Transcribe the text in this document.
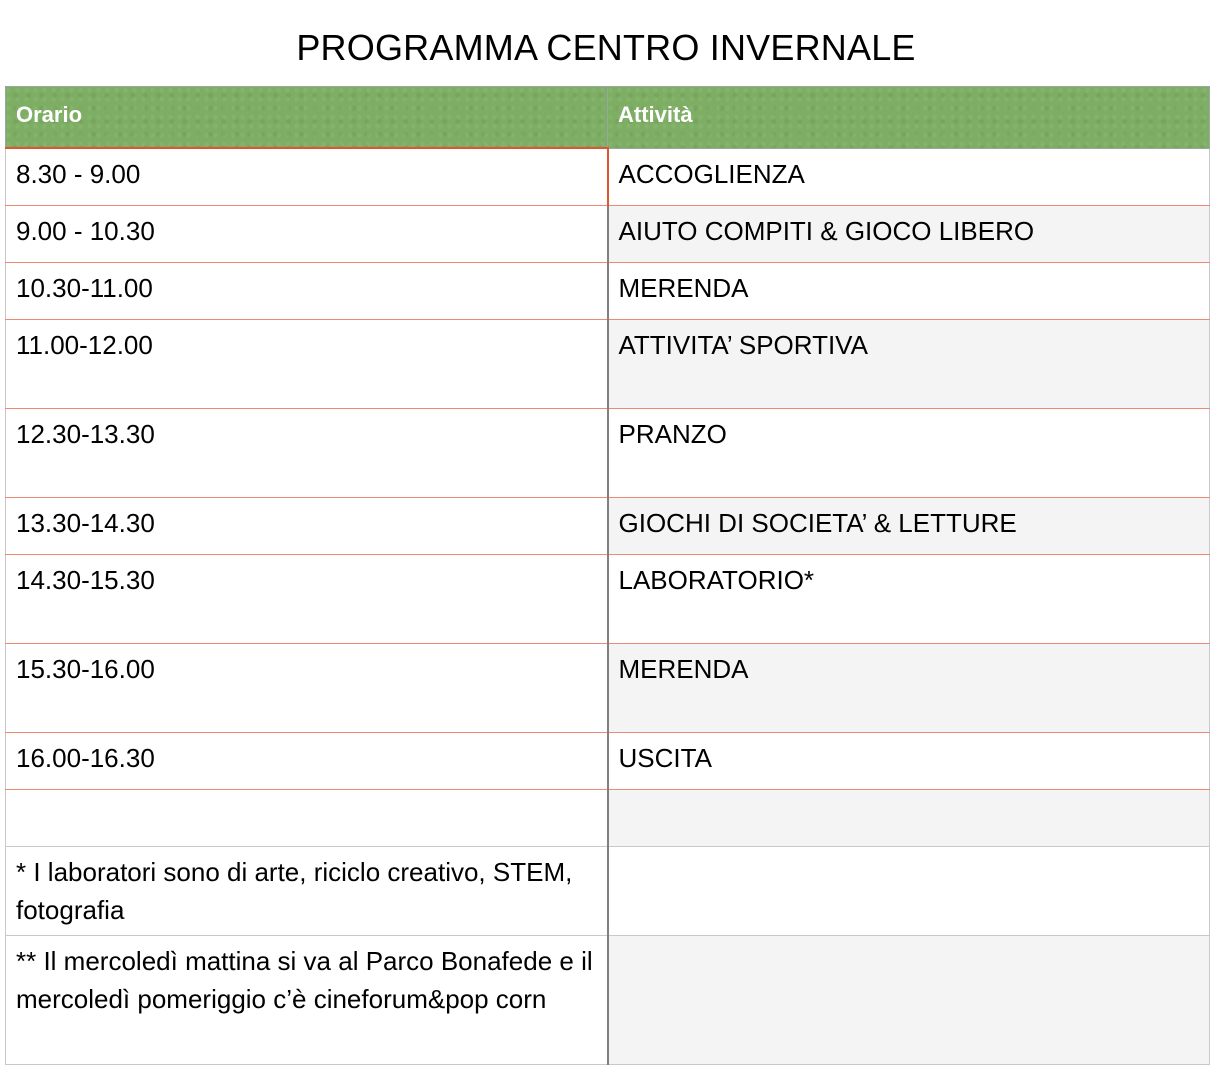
PROGRAMMA CENTRO INVERNALE
Orario	Attività
8.30 - 9.00	ACCOGLIENZA
9.00 - 10.30	AIUTO COMPITI & GIOCO LIBERO
10.30-11.00	MERENDA
11.00-12.00	ATTIVITA’ SPORTIVA
12.30-13.30	PRANZO
13.30-14.30	GIOCHI DI SOCIETA’ & LETTURE
14.30-15.30	LABORATORIO*
15.30-16.00	MERENDA
16.00-16.30	USCITA

* I laboratori sono di arte, riciclo creativo, STEM, fotografia	
** Il mercoledì mattina si va al Parco Bonafede e il mercoledì pomeriggio c’è cineforum&pop corn	
